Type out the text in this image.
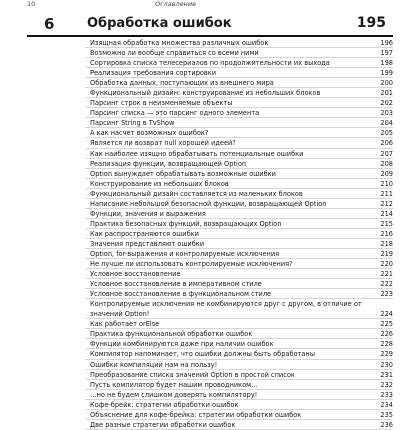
10	Оглавление
6	Обработка ошибок	195
Изящная обработка множества различных ошибок	196
Возможно ли вообще справиться со всеми ними	197
Сортировка списка телесериалов по продолжительности их выхода	198
Реализация требования сортировки	199
Обработка данных, поступающих из внешнего мира	200
Функциональный дизайн: конструирование из небольших блоков	201
Парсинг строк в неизменяемые объекты	202
Парсинг списка — это парсинг одного элемента	203
Парсинг String в TvShow	204
А как насчет возможных ошибок?	205
Является ли возврат null хорошей идеей?	206
Как наиболее изящно обрабатывать потенциальные ошибки	207
Реализация функции, возвращающей Option	208
Option вынуждает обрабатывать возможные ошибки	209
Конструирование из небольших блоков	210
Функциональный дизайн составляется из маленьких блоков	211
Написание небольшой безопасной функции, возвращающей Option	212
Функции, значения и выражения	214
Практика безопасных функций, возвращающих Option	215
Как распространяются ошибки	216
Значения представляют ошибки	218
Option, for-выражения и контролируемые исключения	219
Не лучше ли использовать контролируемые исключения?	220
Условное восстановление	221
Условное восстановление в императивном стиле	222
Условное восстановление в функциональном стиле	223
Контролируемые исключения не комбинируются друг с другом, в отличие от значений Option!	224
Как работает orElse	225
Практика функциональной обработки ошибок	226
Функции комбинируются даже при наличии ошибок	228
Компилятор напоминает, что ошибки должны быть обработаны	229
Ошибки компиляции нам на пользу!	230
Преобразование списка значений Option в простой список	231
Пусть компилятор будет нашим проводником…	232
…но не будем слишком доверять компилятору!	233
Кофе-брейк: стратегии обработки ошибок	234
Объяснение для кофе-брейка: стратегии обработки ошибок	235
Две разные стратегии обработки ошибок	236
